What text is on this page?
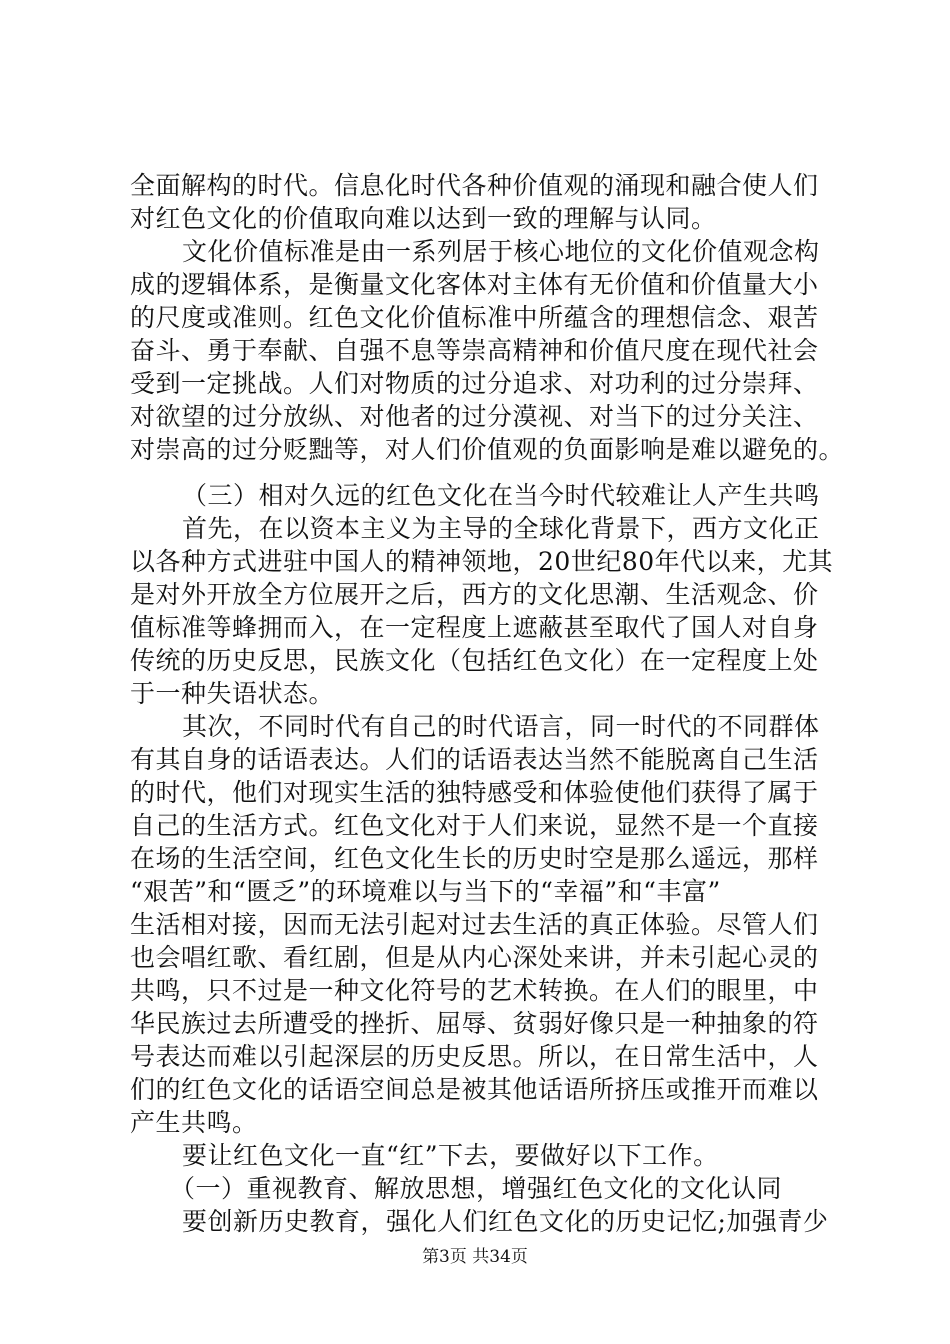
全面解构的时代。信息化时代各种价值观的涌现和融合使人们
对红色文化的价值取向难以达到一致的理解与认同。
文化价值标准是由一系列居于核心地位的文化价值观念构
成的逻辑体系，是衡量文化客体对主体有无价值和价值量大小
的尺度或准则。红色文化价值标准中所蕴含的理想信念、艰苦
奋斗、勇于奉献、自强不息等崇高精神和价值尺度在现代社会
受到一定挑战。人们对物质的过分追求、对功利的过分崇拜、
对欲望的过分放纵、对他者的过分漠视、对当下的过分关注、
对崇高的过分贬黜等，对人们价值观的负面影响是难以避免的。
（三）相对久远的红色文化在当今时代较难让人产生共鸣
首先，在以资本主义为主导的全球化背景下，西方文化正
以各种方式进驻中国人的精神领地，20世纪80年代以来，尤其
是对外开放全方位展开之后，西方的文化思潮、生活观念、价
值标准等蜂拥而入，在一定程度上遮蔽甚至取代了国人对自身
传统的历史反思，民族文化（包括红色文化）在一定程度上处
于一种失语状态。
其次，不同时代有自己的时代语言，同一时代的不同群体
有其自身的话语表达。人们的话语表达当然不能脱离自己生活
的时代，他们对现实生活的独特感受和体验使他们获得了属于
自己的生活方式。红色文化对于人们来说，显然不是一个直接
在场的生活空间，红色文化生长的历史时空是那么遥远，那样
“艰苦”和“匮乏”的环境难以与当下的“幸福”和“丰富”
生活相对接，因而无法引起对过去生活的真正体验。尽管人们
也会唱红歌、看红剧，但是从内心深处来讲，并未引起心灵的
共鸣，只不过是一种文化符号的艺术转换。在人们的眼里，中
华民族过去所遭受的挫折、屈辱、贫弱好像只是一种抽象的符
号表达而难以引起深层的历史反思。所以，在日常生活中，人
们的红色文化的话语空间总是被其他话语所挤压或推开而难以
产生共鸣。
要让红色文化一直“红”下去，要做好以下工作。
（一）重视教育、解放思想，增强红色文化的文化认同
要创新历史教育，强化人们红色文化的历史记忆;加强青少
第3页 共34页
